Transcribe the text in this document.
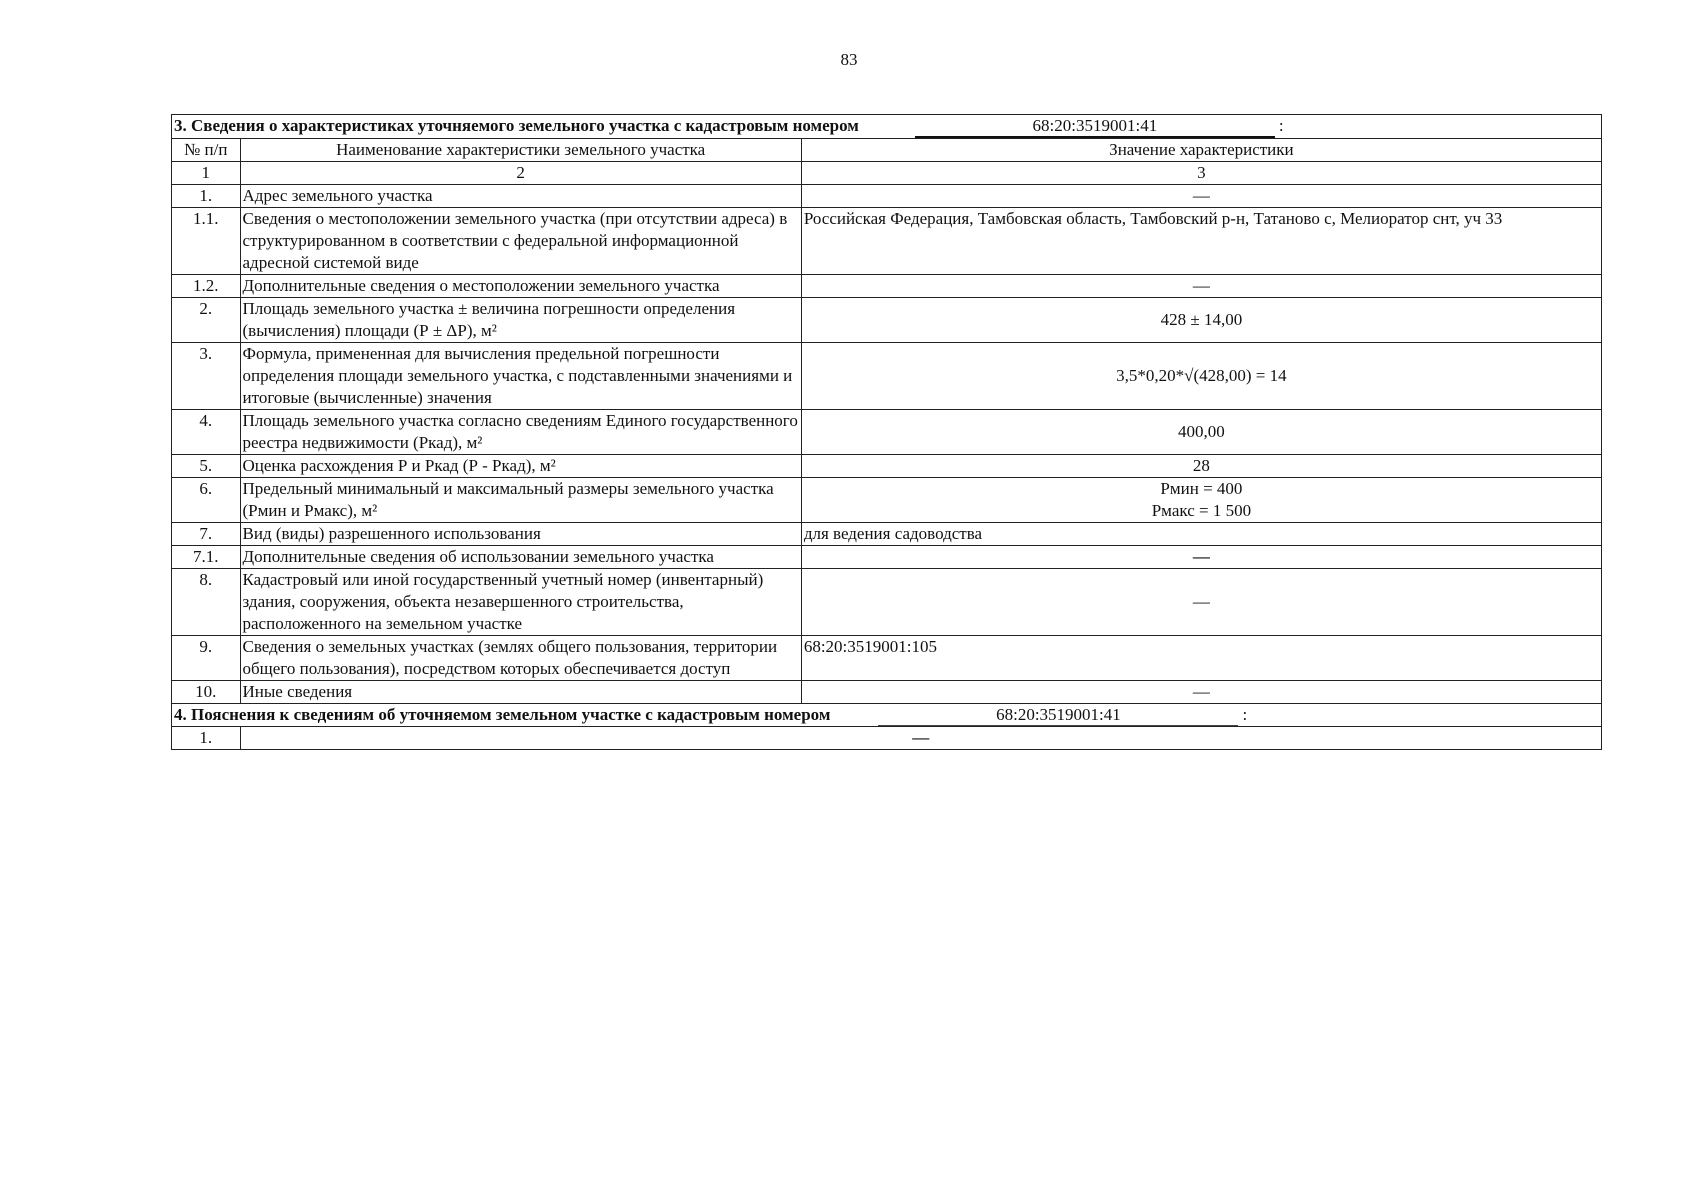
83
3. Сведения о характеристиках уточняемого земельного участка с кадастровым номером 68:20:3519001:41 :		
№ п/п	Наименование характеристики земельного участка	Значение характеристики
1	2	3
1.	Адрес земельного участка	—
1.1.	Сведения о местоположении земельного участка (при отсутствии адреса) в структурированном в соответствии с федеральной информационной адресной системой виде	Российская Федерация, Тамбовская область, Тамбовский р-н, Татаново с, Мелиоратор снт, уч 33
1.2.	Дополнительные сведения о местоположении земельного участка	—
2.	Площадь земельного участка ± величина погрешности определения (вычисления) площади (Р ± ΔР), м²	428 ± 14,00
3.	Формула, примененная для вычисления предельной погрешности определения площади земельного участка, с подставленными значениями и итоговые (вычисленные) значения	3,5*0,20*√(428,00) = 14
4.	Площадь земельного участка согласно сведениям Единого государственного реестра недвижимости (Ркад), м²	400,00
5.	Оценка расхождения Р и Ркад (Р - Ркад), м²	28
6.	Предельный минимальный и максимальный размеры земельного участка (Рмин и Рмакс), м²	Рмин = 400
Рмакс = 1 500

7.	Вид (виды) разрешенного использования	для ведения садоводства
7.1.	Дополнительные сведения об использовании земельного участка	—
8.	Кадастровый или иной государственный учетный номер (инвентарный) здания, сооружения, объекта незавершенного строительства, расположенного на земельном участке	—
9.	Сведения о земельных участках (землях общего пользования, территории общего пользования), посредством которых обеспечивается доступ	68:20:3519001:105
10.	Иные сведения	—
4. Пояснения к сведениям об уточняемом земельном участке с кадастровым номером 68:20:3519001:41 :		
1.	—	
